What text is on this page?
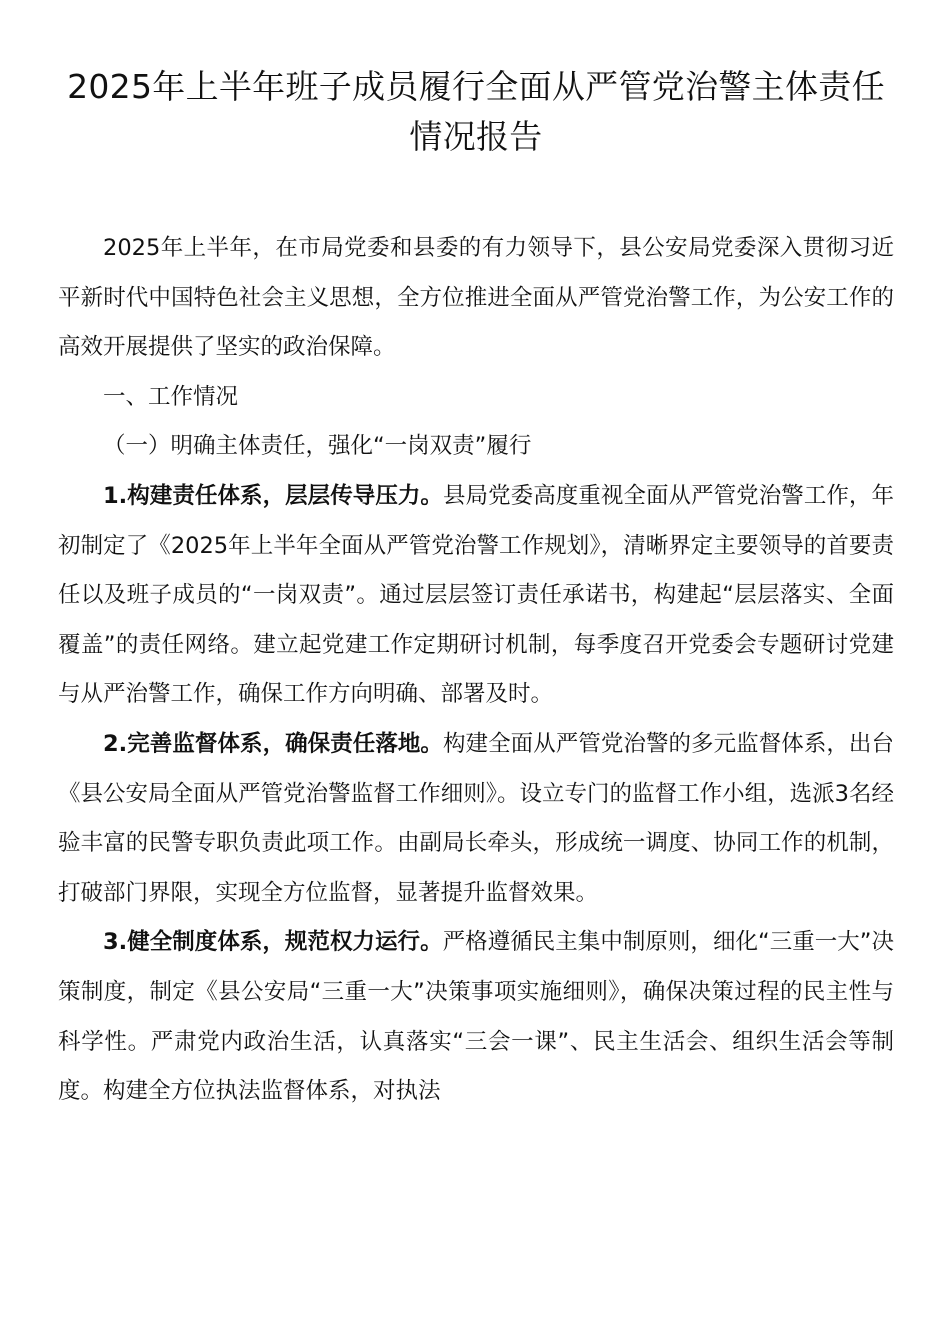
2025年上半年班子成员履行全面从严管党治警主体责任情况报告

2025年上半年，在市局党委和县委的有力领导下，县公安局党委深入贯彻习近平新时代中国特色社会主义思想，全方位推进全面从严管党治警工作，为公安工作的高效开展提供了坚实的政治保障。

一、工作情况

（一）明确主体责任，强化“一岗双责”履行

1.构建责任体系，层层传导压力。县局党委高度重视全面从严管党治警工作，年初制定了《2025年上半年全面从严管党治警工作规划》，清晰界定主要领导的首要责任以及班子成员的“一岗双责”。通过层层签订责任承诺书，构建起“层层落实、全面覆盖”的责任网络。建立起党建工作定期研讨机制，每季度召开党委会专题研讨党建与从严治警工作，确保工作方向明确、部署及时。

2.完善监督体系，确保责任落地。构建全面从严管党治警的多元监督体系，出台《县公安局全面从严管党治警监督工作细则》。设立专门的监督工作小组，选派3名经验丰富的民警专职负责此项工作。由副局长牵头，形成统一调度、协同工作的机制，打破部门界限，实现全方位监督，显著提升监督效果。

3.健全制度体系，规范权力运行。严格遵循民主集中制原则，细化“三重一大”决策制度，制定《县公安局“三重一大”决策事项实施细则》，确保决策过程的民主性与科学性。严肃党内政治生活，认真落实“三会一课”、民主生活会、组织生活会等制度。构建全方位执法监督体系，对执法
